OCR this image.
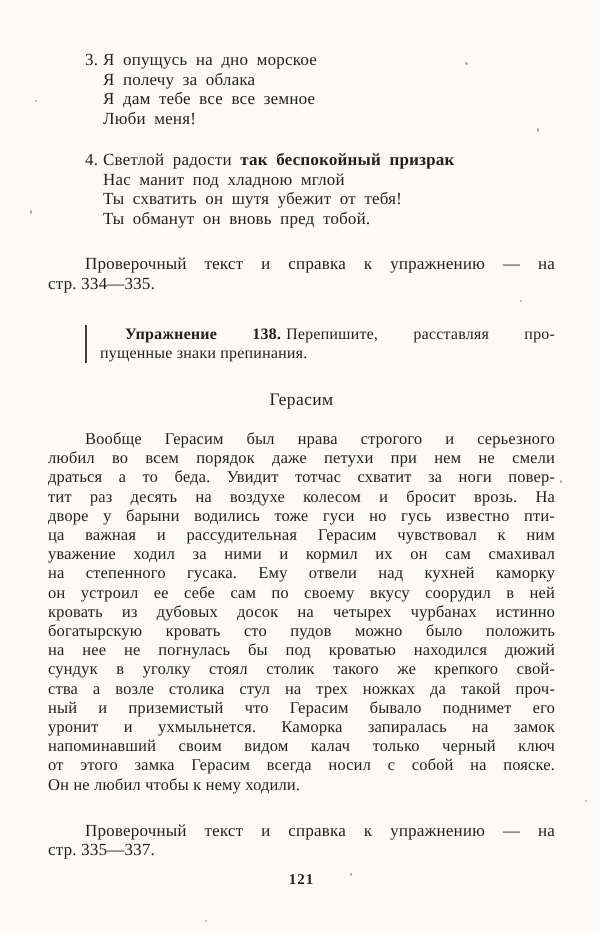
3. Я опущусь на дно морское
Я полечу за облака
Я дам тебе все все земное
Люби меня!
4. Светлой радости так беспокойный призрак
Нас манит под хладною мглой
Ты схватить он шутя убежит от тебя!
Ты обманут он вновь пред тобой.
Проверочный текст и справка к упражнению — на
стр. 334—335.
Упражнение 138. Перепишите, расставляя про-
пущенные знаки препинания.
Герасим
Вообще Герасим был нрава строгого и серьезного
любил во всем порядок даже петухи при нем не смели
драться а то беда. Увидит тотчас схватит за ноги повер-
тит раз десять на воздухе колесом и бросит врозь. На
дворе у барыни водились тоже гуси но гусь известно пти-
ца важная и рассудительная Герасим чувствовал к ним
уважение ходил за ними и кормил их он сам смахивал
на степенного гусака. Ему отвели над кухней каморку
он устроил ее себе сам по своему вкусу соорудил в ней
кровать из дубовых досок на четырех чурбанах истинно
богатырскую кровать сто пудов можно было положить
на нее не погнулась бы под кроватью находился дюжий
сундук в уголку стоял столик такого же крепкого свой-
ства а возле столика стул на трех ножках да такой проч-
ный и приземистый что Герасим бывало поднимет его
уронит и ухмыльнется. Каморка запиралась на замок
напоминавший своим видом калач только черный ключ
от этого замка Герасим всегда носил с собой на пояске.
Он не любил чтобы к нему ходили.
Проверочный текст и справка к упражнению — на
стр. 335—337.
121
